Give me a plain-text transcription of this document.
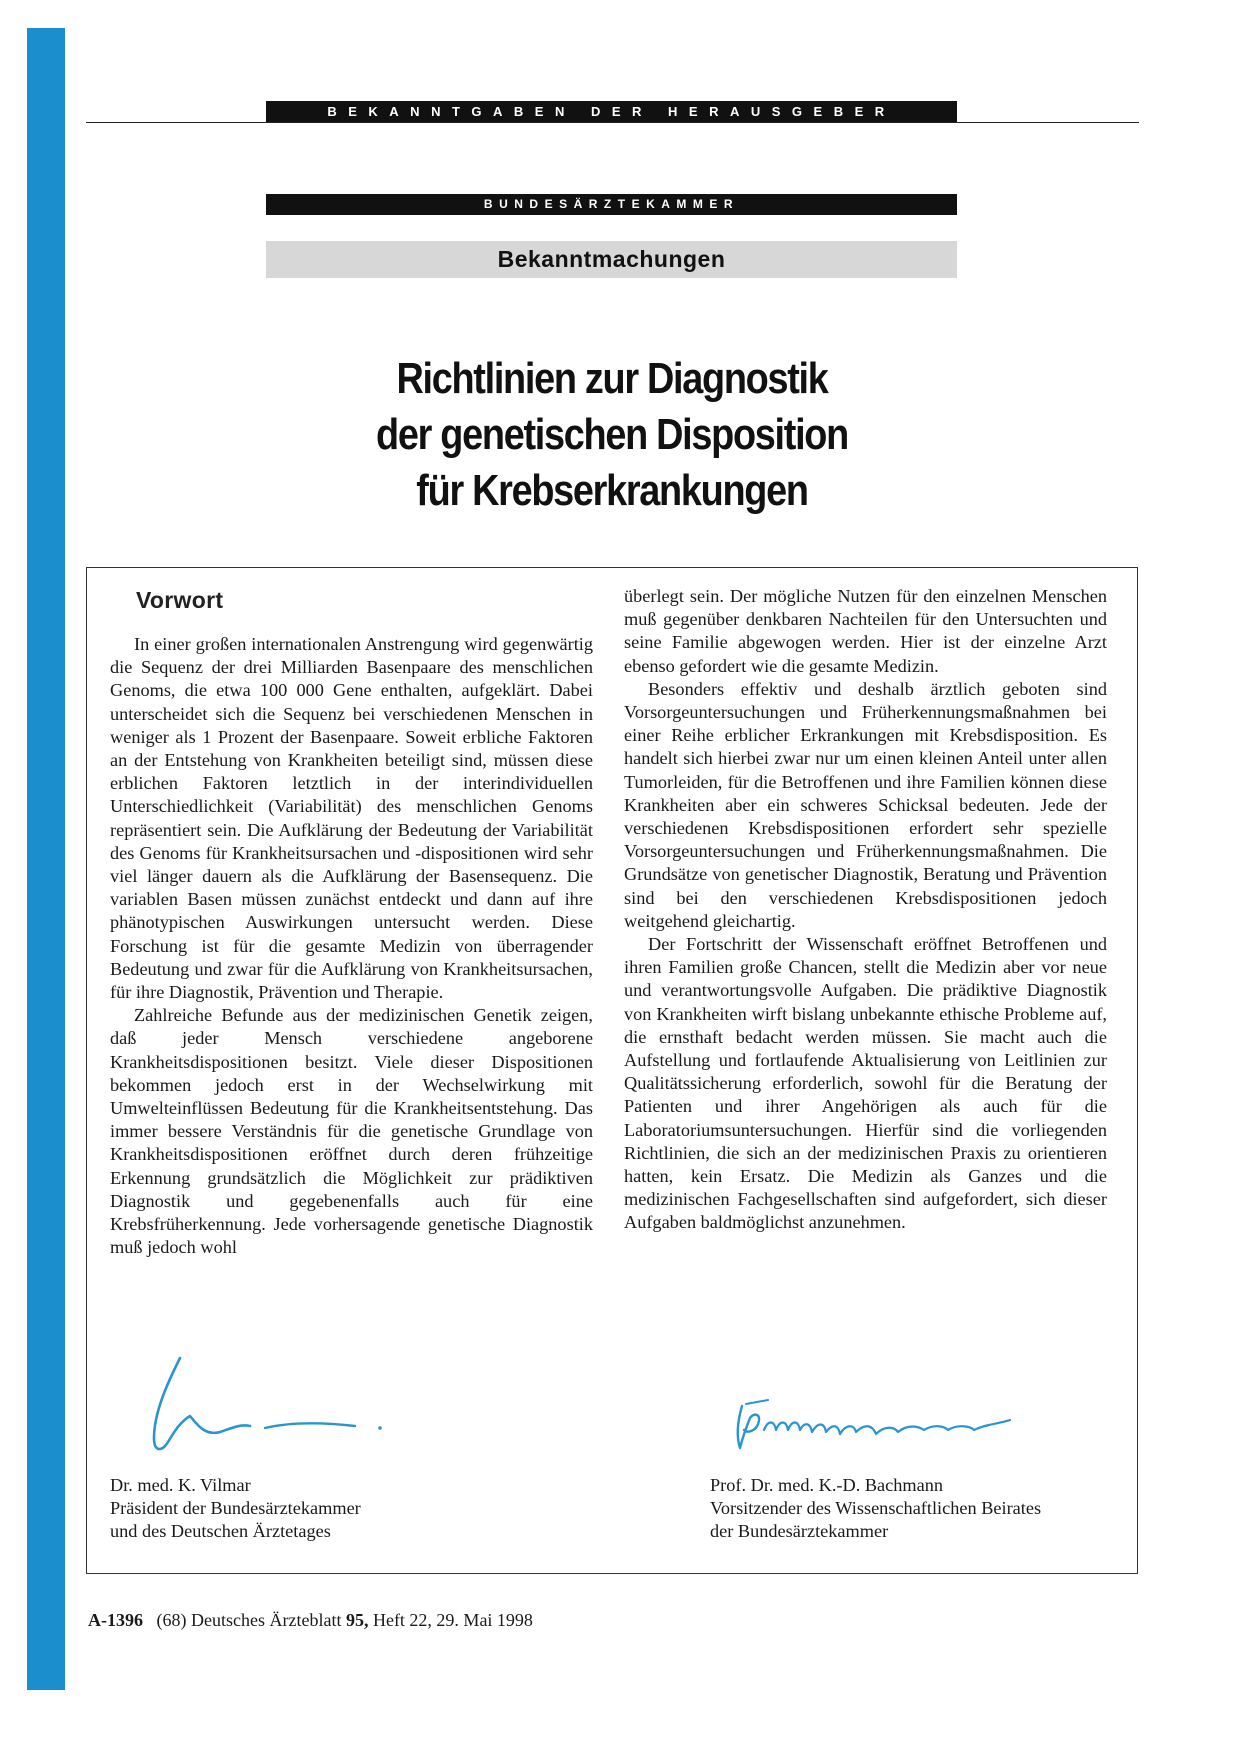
BEKANNTGABEN DER HERAUSGEBER
BUNDESÄRZTEKAMMER
Bekanntmachungen
Richtlinien zur Diagnostik
der genetischen Disposition
für Krebserkrankungen
Vorwort

In einer großen internationalen Anstrengung wird gegenwärtig die Sequenz der drei Milliarden Basenpaare des menschlichen Genoms, die etwa 100 000 Gene enthalten, aufgeklärt. Dabei unterscheidet sich die Sequenz bei verschiedenen Menschen in weniger als 1 Prozent der Basenpaare. Soweit erbliche Faktoren an der Entstehung von Krankheiten beteiligt sind, müssen diese erblichen Faktoren letztlich in der interindividuellen Unterschiedlichkeit (Variabilität) des menschlichen Genoms repräsentiert sein. Die Aufklärung der Bedeutung der Variabilität des Genoms für Krankheitsursachen und -dispositionen wird sehr viel länger dauern als die Aufklärung der Basensequenz. Die variablen Basen müssen zunächst entdeckt und dann auf ihre phänotypischen Auswirkungen untersucht werden. Diese Forschung ist für die gesamte Medizin von überragender Bedeutung und zwar für die Aufklärung von Krankheitsursachen, für ihre Diagnostik, Prävention und Therapie.

Zahlreiche Befunde aus der medizinischen Genetik zeigen, daß jeder Mensch verschiedene angeborene Krankheitsdispositionen besitzt. Viele dieser Dispositionen bekommen jedoch erst in der Wechselwirkung mit Umwelteinflüssen Bedeutung für die Krankheitsentstehung. Das immer bessere Verständnis für die genetische Grundlage von Krankheitsdispositionen eröffnet durch deren frühzeitige Erkennung grundsätzlich die Möglichkeit zur prädiktiven Diagnostik und gegebenenfalls auch für eine Krebsfrüherkennung. Jede vorhersagende genetische Diagnostik muß jedoch wohl

überlegt sein. Der mögliche Nutzen für den einzelnen Menschen muß gegenüber denkbaren Nachteilen für den Untersuchten und seine Familie abgewogen werden. Hier ist der einzelne Arzt ebenso gefordert wie die gesamte Medizin.

Besonders effektiv und deshalb ärztlich geboten sind Vorsorgeuntersuchungen und Früherkennungsmaßnahmen bei einer Reihe erblicher Erkrankungen mit Krebsdisposition. Es handelt sich hierbei zwar nur um einen kleinen Anteil unter allen Tumorleiden, für die Betroffenen und ihre Familien können diese Krankheiten aber ein schweres Schicksal bedeuten. Jede der verschiedenen Krebsdispositionen erfordert sehr spezielle Vorsorgeuntersuchungen und Früherkennungsmaßnahmen. Die Grundsätze von genetischer Diagnostik, Beratung und Prävention sind bei den verschiedenen Krebsdispositionen jedoch weitgehend gleichartig.

Der Fortschritt der Wissenschaft eröffnet Betroffenen und ihren Familien große Chancen, stellt die Medizin aber vor neue und verantwortungsvolle Aufgaben. Die prädiktive Diagnostik von Krankheiten wirft bislang unbekannte ethische Probleme auf, die ernsthaft bedacht werden müssen. Sie macht auch die Aufstellung und fortlaufende Aktualisierung von Leitlinien zur Qualitätssicherung erforderlich, sowohl für die Beratung der Patienten und ihrer Angehörigen als auch für die Laboratoriumsuntersuchungen. Hierfür sind die vorliegenden Richtlinien, die sich an der medizinischen Praxis zu orientieren hatten, kein Ersatz. Die Medizin als Ganzes und die medizinischen Fachgesellschaften sind aufgefordert, sich dieser Aufgaben baldmöglichst anzunehmen.

Dr. med. K. Vilmar
Präsident der Bundesärztekammer
und des Deutschen Ärztetages
Prof. Dr. med. K.-D. Bachmann
Vorsitzender des Wissenschaftlichen Beirates
der Bundesärztekammer
A-1396 (68) Deutsches Ärzteblatt 95, Heft 22, 29. Mai 1998
